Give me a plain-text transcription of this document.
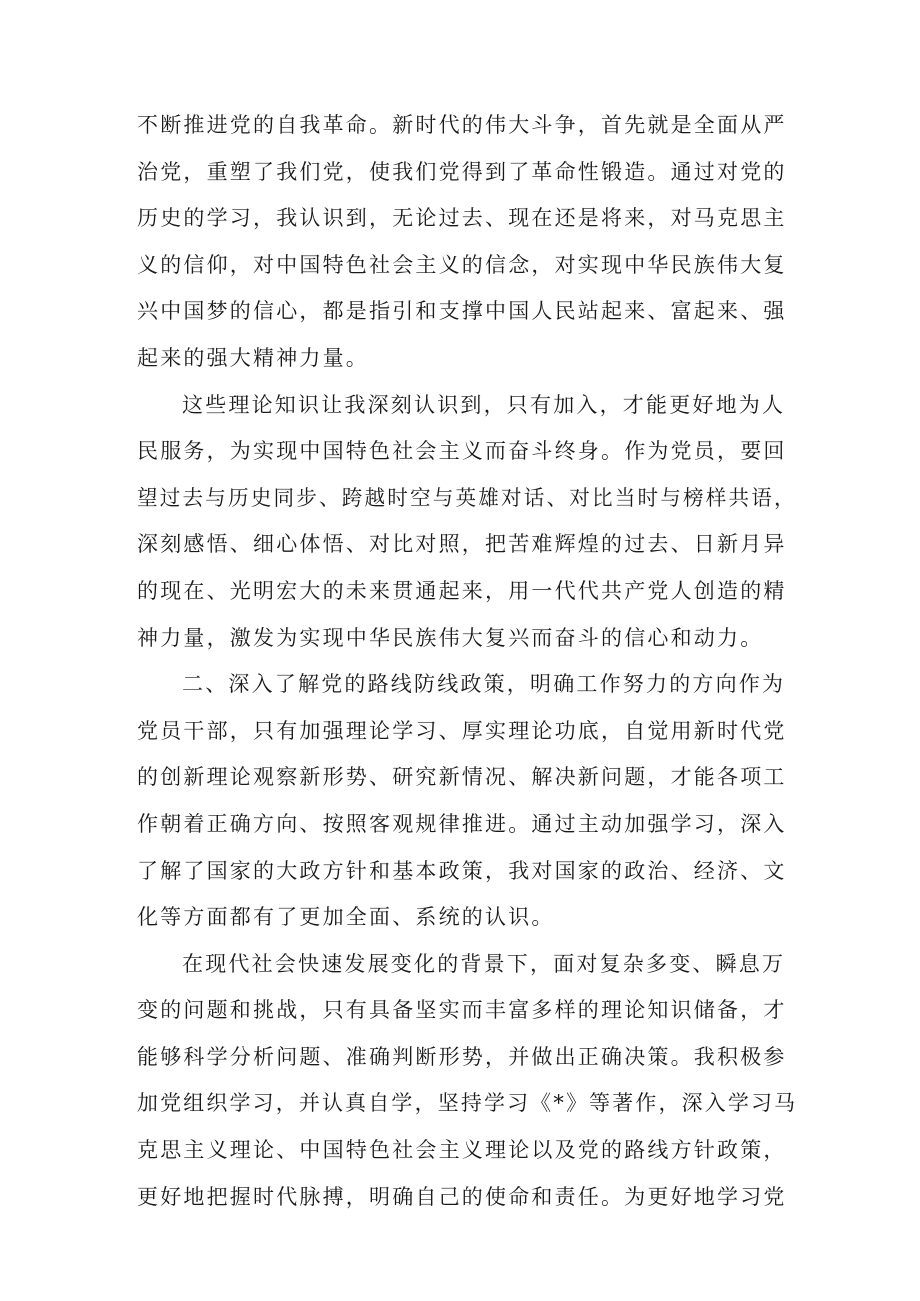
不断推进党的自我革命。新时代的伟大斗争，首先就是全面从严
治党，重塑了我们党，使我们党得到了革命性锻造。通过对党的
历史的学习，我认识到，无论过去、现在还是将来，对马克思主
义的信仰，对中国特色社会主义的信念，对实现中华民族伟大复
兴中国梦的信心，都是指引和支撑中国人民站起来、富起来、强
起来的强大精神力量。
这些理论知识让我深刻认识到，只有加入，才能更好地为人
民服务，为实现中国特色社会主义而奋斗终身。作为党员，要回
望过去与历史同步、跨越时空与英雄对话、对比当时与榜样共语，
深刻感悟、细心体悟、对比对照，把苦难辉煌的过去、日新月异
的现在、光明宏大的未来贯通起来，用一代代共产党人创造的精
神力量，激发为实现中华民族伟大复兴而奋斗的信心和动力。
二、深入了解党的路线防线政策，明确工作努力的方向作为
党员干部，只有加强理论学习、厚实理论功底，自觉用新时代党
的创新理论观察新形势、研究新情况、解决新问题，才能各项工
作朝着正确方向、按照客观规律推进。通过主动加强学习，深入
了解了国家的大政方针和基本政策，我对国家的政治、经济、文
化等方面都有了更加全面、系统的认识。
在现代社会快速发展变化的背景下，面对复杂多变、瞬息万
变的问题和挑战，只有具备坚实而丰富多样的理论知识储备，才
能够科学分析问题、准确判断形势，并做出正确决策。我积极参
加党组织学习，并认真自学，坚持学习《*》等著作，深入学习马
克思主义理论、中国特色社会主义理论以及党的路线方针政策，
更好地把握时代脉搏，明确自己的使命和责任。为更好地学习党
